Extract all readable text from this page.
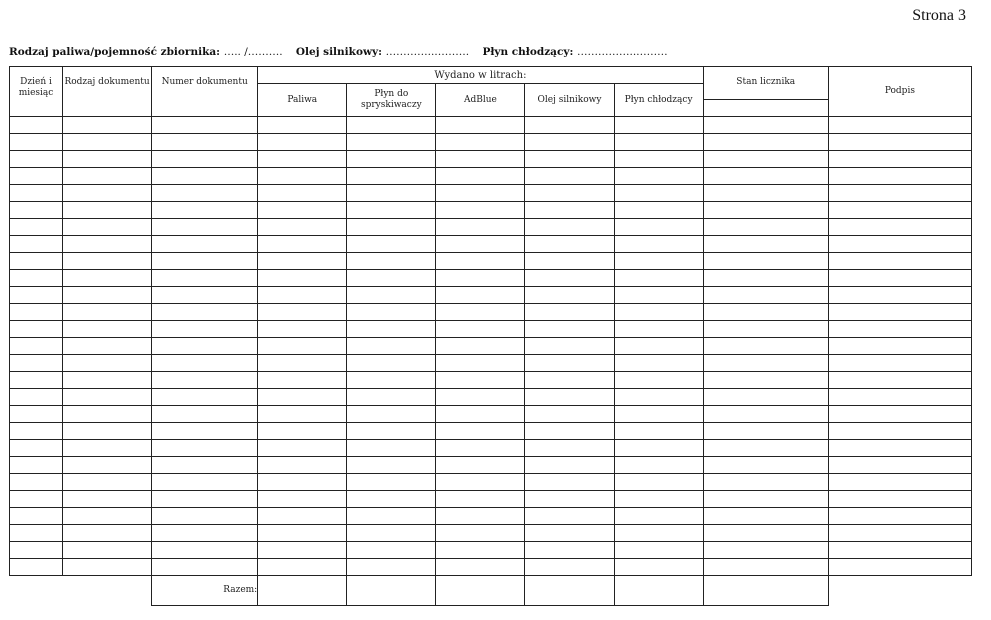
Strona 3
Rodzaj paliwa/pojemność zbiornika: ….. /………. Olej silnikowy: …………..………. Płyn chłodzący: ……………..………
Dzień i miesiąc	Rodzaj dokumentu	Numer dokumentu	Wydano w litrach:					Stan licznika	Podpis
			Paliwa	Płyn do spryskiwaczy	AdBlue	Olej silnikowy	Płyn chłodzący		

		Razem:							
